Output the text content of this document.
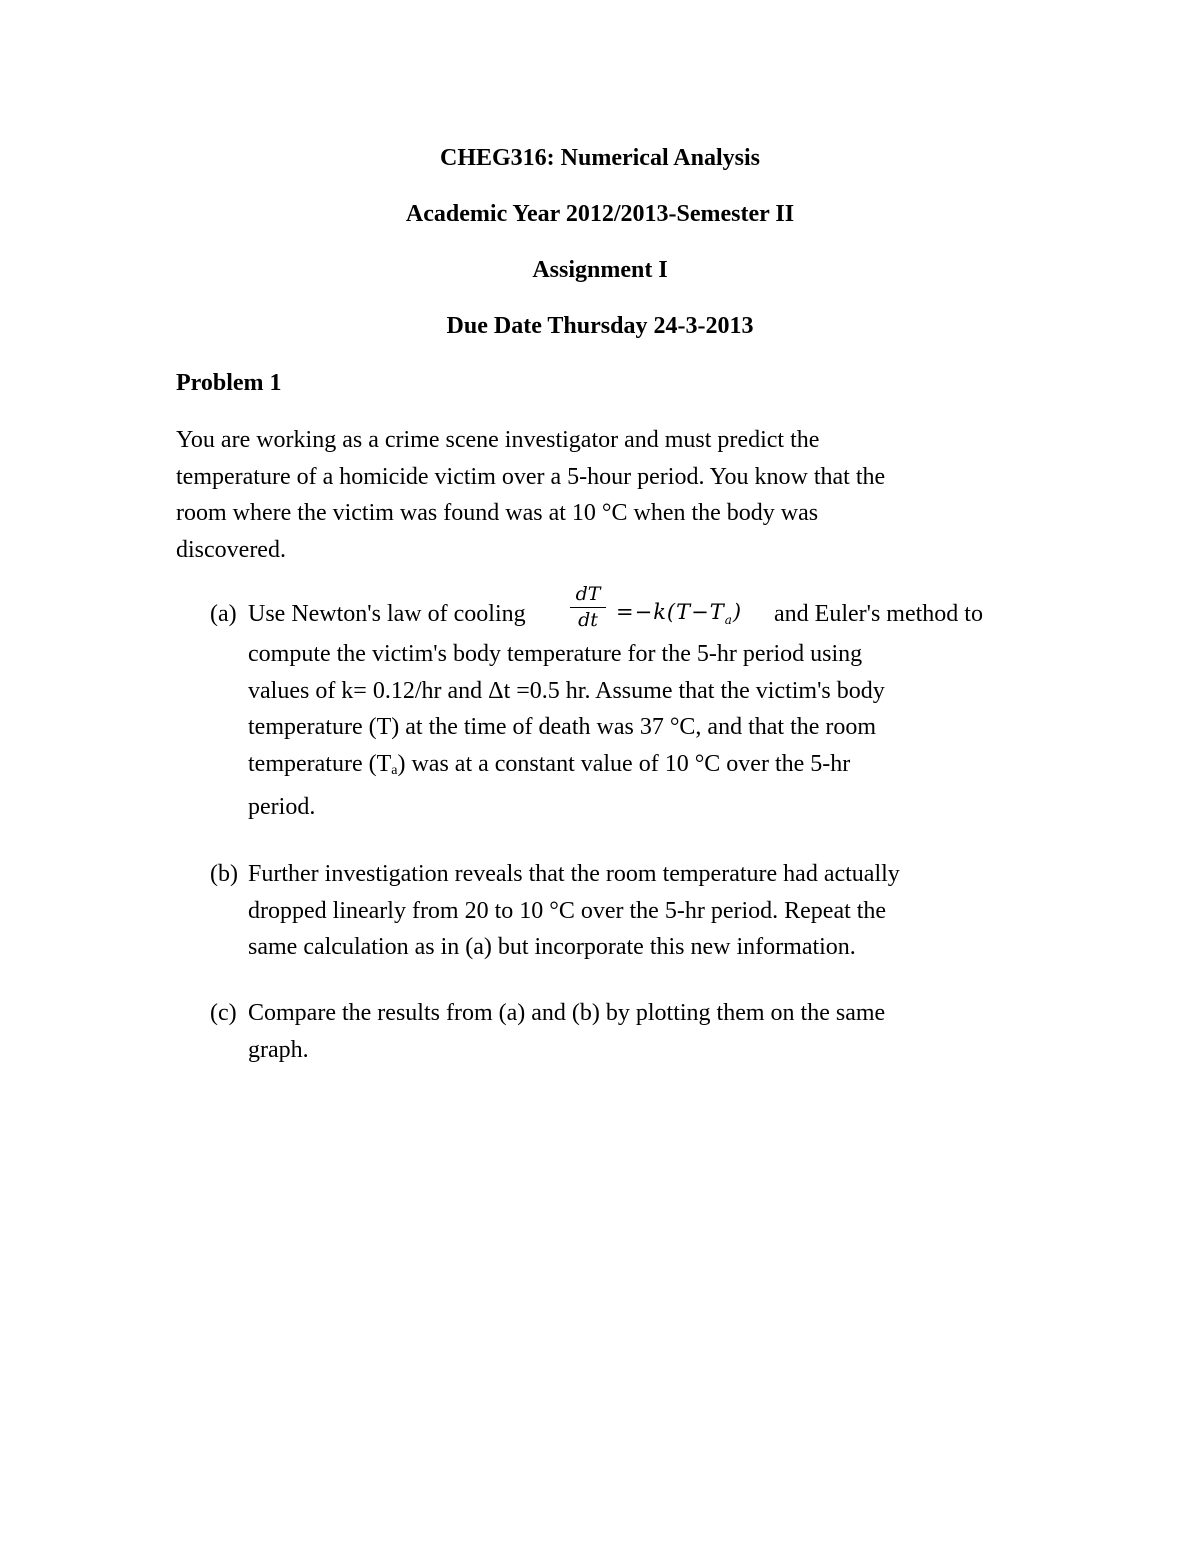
CHEG316: Numerical Analysis
Academic Year 2012/2013-Semester II
Assignment I
Due Date Thursday 24-3-2013
Problem 1
You are working as a crime scene investigator and must predict the
temperature of a homicide victim over a 5-hour period. You know that the
room where the victim was found was at 10 °C when the body was
discovered.
(a) Use Newton's law of cooling
dT
dt $=-k(T-T_a)$ and Euler's method to
compute the victim's body temperature for the 5-hr period using
values of k= 0.12/hr and Δt =0.5 hr. Assume that the victim's body
temperature (T) at the time of death was 37 °C, and that the room
temperature $(T_a)$ was at a constant value of 10 °C over the 5-hr
period.
(b) Further investigation reveals that the room temperature had actually
dropped linearly from 20 to 10 °C over the 5-hr period. Repeat the
same calculation as in (a) but incorporate this new information.
(c) Compare the results from (a) and (b) by plotting them on the same
graph.
